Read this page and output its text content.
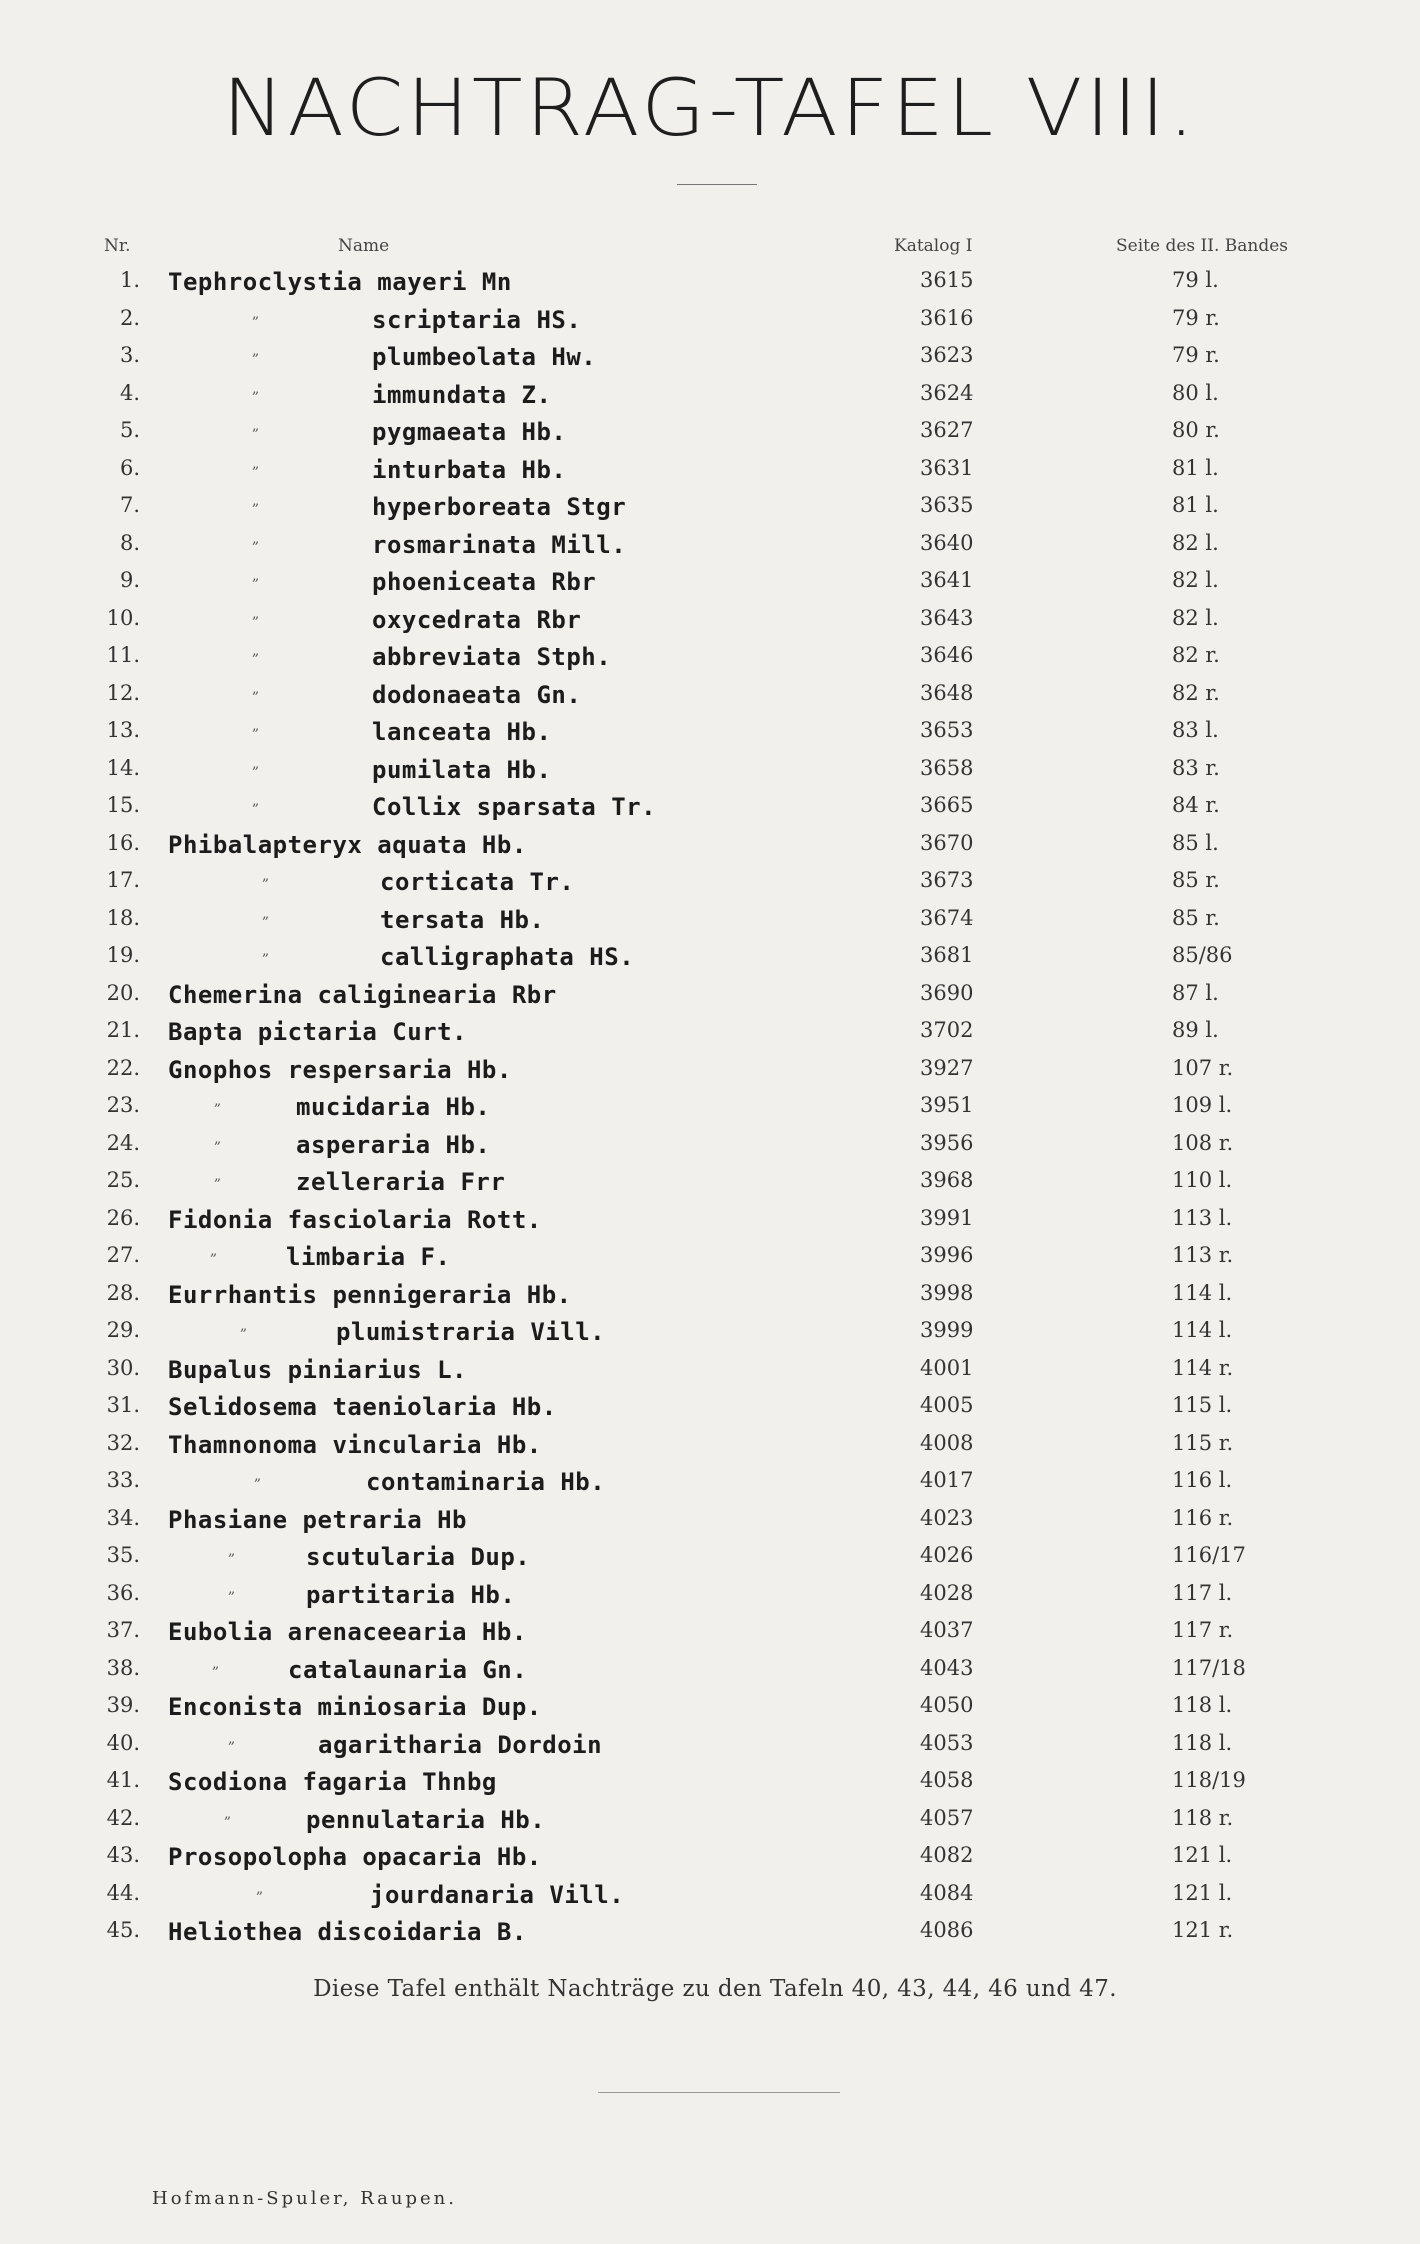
NACHTRAG-TAFEL VIII.
Nr.	Name	Katalog I	Seite des II. Bandes
1. Tephroclystia mayeri Mn	3615	79 l.
2.	„	scriptaria HS.	3616	79 r.
3.	„	plumbeolata Hw.	3623	79 r.
4.	„	immundata Z.	3624	80 l.
5.	„	pygmaeata Hb.	3627	80 r.
6.	„	inturbata Hb.	3631	81 l.
7.	„	hyperboreata Stgr	3635	81 l.
8.	„	rosmarinata Mill.	3640	82 l.
9.	„	phoeniceata Rbr	3641	82 l.
10.	„	oxycedrata Rbr	3643	82 l.
11.	„	abbreviata Stph.	3646	82 r.
12.	„	dodonaeata Gn.	3648	82 r.
13.	„	lanceata Hb.	3653	83 l.
14.	„	pumilata Hb.	3658	83 r.
15.	„	Collix sparsata Tr.	3665	84 r.
16. Phibalapteryx aquata Hb.	3670	85 l.
17.	„	corticata Tr.	3673	85 r.
18.	„	tersata Hb.	3674	85 r.
19.	„	calligraphata HS.	3681	85/86
20. Chemerina caliginearia Rbr	3690	87 l.
21. Bapta pictaria Curt.	3702	89 l.
22. Gnophos respersaria Hb.	3927	107 r.
23.	„	mucidaria Hb.	3951	109 l.
24.	„	asperaria Hb.	3956	108 r.
25.	„	zelleraria Frr	3968	110 l.
26. Fidonia fasciolaria Rott.	3991	113 l.
27.	„	limbaria F.	3996	113 r.
28. Eurrhantis pennigeraria Hb.	3998	114 l.
29.	„	plumistraria Vill.	3999	114 l.
30. Bupalus piniarius L.	4001	114 r.
31. Selidosema taeniolaria Hb.	4005	115 l.
32. Thamnonoma vincularia Hb.	4008	115 r.
33.	„	contaminaria Hb.	4017	116 l.
34. Phasiane petraria Hb	4023	116 r.
35.	„	scutularia Dup.	4026	116/17
36.	„	partitaria Hb.	4028	117 l.
37. Eubolia arenaceearia Hb.	4037	117 r.
38.	„	catalaunaria Gn.	4043	117/18
39. Enconista miniosaria Dup.	4050	118 l.
40.	„	agaritharia Dordoin	4053	118 l.
41. Scodiona fagaria Thnbg	4058	118/19
42.	„	pennulataria Hb.	4057	118 r.
43. Prosopolopha opacaria Hb.	4082	121 l.
44.	„	jourdanaria Vill.	4084	121 l.
45. Heliothea discoidaria B.	4086	121 r.
Diese Tafel enthält Nachträge zu den Tafeln 40, 43, 44, 46 und 47.
Hofmann-Spuler, Raupen.
